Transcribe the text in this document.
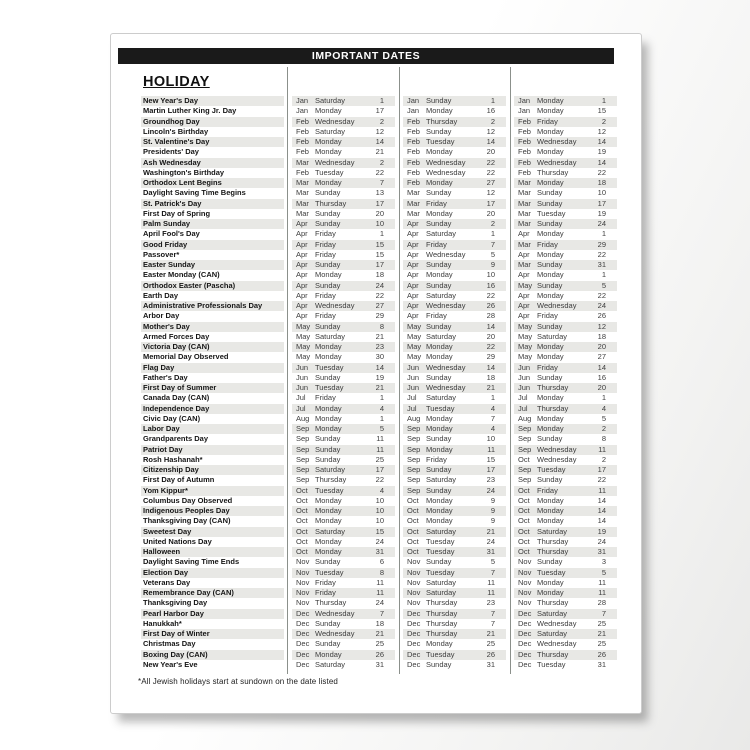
IMPORTANT DATES
HOLIDAY
New Year's Day	Jan Saturday	1	Jan Sunday	1	Jan Monday	1
Martin Luther King Jr. Day	Jan Monday	17	Jan Monday	16	Jan Monday	15
Groundhog Day	Feb Wednesday	2	Feb Thursday	2	Feb Friday	2
Lincoln's Birthday	Feb Saturday	12	Feb Sunday	12	Feb Monday	12
St. Valentine's Day	Feb Monday	14	Feb Tuesday	14	Feb Wednesday	14
Presidents' Day	Feb Monday	21	Feb Monday	20	Feb Monday	19
Ash Wednesday	Mar Wednesday	2	Feb Wednesday	22	Feb Wednesday	14
Washington's Birthday	Feb Tuesday	22	Feb Wednesday	22	Feb Thursday	22
Orthodox Lent Begins	Mar Monday	7	Feb Monday	27	Mar Monday	18
Daylight Saving Time Begins	Mar Sunday	13	Mar Sunday	12	Mar Sunday	10
St. Patrick's Day	Mar Thursday	17	Mar Friday	17	Mar Sunday	17
First Day of Spring	Mar Sunday	20	Mar Monday	20	Mar Tuesday	19
Palm Sunday	Apr Sunday	10	Apr Sunday	2	Mar Sunday	24
April Fool's Day	Apr Friday	1	Apr Saturday	1	Apr Monday	1
Good Friday	Apr Friday	15	Apr Friday	7	Mar Friday	29
Passover*	Apr Friday	15	Apr Wednesday	5	Apr Monday	22
Easter Sunday	Apr Sunday	17	Apr Sunday	9	Mar Sunday	31
Easter Monday (CAN)	Apr Monday	18	Apr Monday	10	Apr Monday	1
Orthodox Easter (Pascha)	Apr Sunday	24	Apr Sunday	16	May Sunday	5
Earth Day	Apr Friday	22	Apr Saturday	22	Apr Monday	22
Administrative Professionals Day	Apr Wednesday	27	Apr Wednesday	26	Apr Wednesday	24
Arbor Day	Apr Friday	29	Apr Friday	28	Apr Friday	26
Mother's Day	May Sunday	8	May Sunday	14	May Sunday	12
Armed Forces Day	May Saturday	21	May Saturday	20	May Saturday	18
Victoria Day (CAN)	May Monday	23	May Monday	22	May Monday	20
Memorial Day Observed	May Monday	30	May Monday	29	May Monday	27
Flag Day	Jun Tuesday	14	Jun Wednesday	14	Jun Friday	14
Father's Day	Jun Sunday	19	Jun Sunday	18	Jun Sunday	16
First Day of Summer	Jun Tuesday	21	Jun Wednesday	21	Jun Thursday	20
Canada Day (CAN)	Jul	Friday	1	Jul	Saturday	1	Jul	Monday	1
Independence Day	Jul	Monday	4	Jul	Tuesday	4	Jul	Thursday	4
Civic Day (CAN)	Aug Monday	1	Aug Monday	7	Aug Monday	5
Labor Day	Sep Monday	5	Sep Monday	4	Sep Monday	2
Grandparents Day	Sep Sunday	11	Sep Sunday	10	Sep Sunday	8
Patriot Day	Sep Sunday	11	Sep Monday	11	Sep Wednesday	11
Rosh Hashanah*	Sep Sunday	25	Sep Friday	15	Oct Wednesday	2
Citizenship Day	Sep Saturday	17	Sep Sunday	17	Sep Tuesday	17
First Day of Autumn	Sep Thursday	22	Sep Saturday	23	Sep Sunday	22
Yom Kippur*	Oct Tuesday	4	Sep Sunday	24	Oct Friday	11
Columbus Day Observed	Oct Monday	10	Oct Monday	9	Oct Monday	14
Indigenous Peoples Day	Oct Monday	10	Oct Monday	9	Oct Monday	14
Thanksgiving Day (CAN)	Oct Monday	10	Oct Monday	9	Oct Monday	14
Sweetest Day	Oct Saturday	15	Oct Saturday	21	Oct Saturday	19
United Nations Day	Oct Monday	24	Oct Tuesday	24	Oct Thursday	24
Halloween	Oct Monday	31	Oct Tuesday	31	Oct Thursday	31
Daylight Saving Time Ends	Nov Sunday	6	Nov Sunday	5	Nov Sunday	3
Election Day	Nov Tuesday	8	Nov Tuesday	7	Nov Tuesday	5
Veterans Day	Nov Friday	11	Nov Saturday	11	Nov Monday	11
Remembrance Day (CAN)	Nov Friday	11	Nov Saturday	11	Nov Monday	11
Thanksgiving Day	Nov Thursday	24	Nov Thursday	23	Nov Thursday	28
Pearl Harbor Day	Dec Wednesday	7	Dec Thursday	7	Dec Saturday	7
Hanukkah*	Dec Sunday	18	Dec Thursday	7	Dec Wednesday	25
First Day of Winter	Dec Wednesday	21	Dec Thursday	21	Dec Saturday	21
Christmas Day	Dec Sunday	25	Dec Monday	25	Dec Wednesday	25
Boxing Day (CAN)	Dec Monday	26	Dec Tuesday	26	Dec Thursday	26
New Year's Eve	Dec Saturday	31	Dec Sunday	31	Dec Tuesday	31
*All Jewish holidays start at sundown on the date listed
